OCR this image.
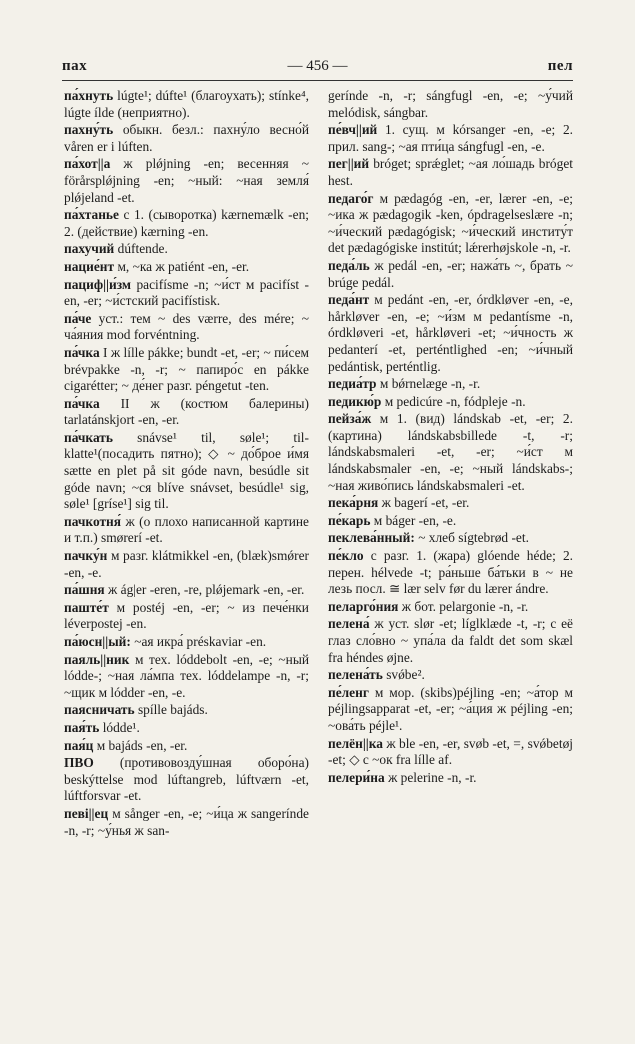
пах	— 456 —	пел
па́хнуть lúgte¹; dúfte¹ (благоухать); stínke⁴, lúgte ílde (неприятно).
пахну́ть обыкн. безл.: пахну́ло весно́й våren er i lúften.
па́хот||а ж plǿjning -en; весенняя ~ förårsplǿjning -en; ~ный: ~ная земля́ plǿjeland -et.
па́хтанье с 1. (сыворотка) kærnemælk -en; 2. (действие) kærning -en.
пахучий dúftende.
нацие́нт м, ~ка ж patiént -en, -er.
пациф||и́зм pacifísme -n; ~и́ст м pacifíst -en, -er; ~и́стский pacifístisk.
па́че уст.: тем ~ des værre, des mére; ~ ча́яния mod forvéntning.
па́чка I ж lílle pákke; bundt -et, -er; ~ пи́сем brévpakke -n, -r; ~ папиро́с en pákke cigarétter; ~ де́нег разг. péngetut -ten.
па́чка II ж (костюм балерины) tarlatánskjort -en, -er.
па́чкать snávse¹ til, søle¹; tilklatte¹(посадить пятно); ◇ ~ до́брое и́мя sætte en plet på sit góde navn, besúdle sit góde navn; ~ся blíve snávset, besúdle¹ sig, søle¹ [gríse¹] sig til.
пачкотня́ ж (о плохо написанной картине и т.п.) smørerí -et.
пачку́н м разг. klátmikkel -en, (blæk)smǿrer -en, -e.
па́шня ж ág|er -eren, -re, plǿjemark -en, -er.
паште́т м postéj -en, -er; ~ из пече́нки léverpostej -en.
па́юсн||ый: ~ая икра́ préskaviar -en.
паяль||ник м тех. lóddebolt -en, -e; ~ный lódde-; ~ная ла́мпа тех. lóddelampe -n, -r; ~щик м lódder -en, -e.
паясничать spílle bajáds.
пая́ть lódde¹.
пая́ц м bajáds -en, -er.
ПВО (противовозду́шная оборо́на) beskýttelse mod lúftangreb, lúftværn -et, lúftforsvar -et.
певі||ец м sånger -en, -e; ~и́ца ж sangerínde -n, -r; ~у́нья ж san-
gerínde -n, -r; sángfugl -en, -e; ~у́чий melódisk, sángbar.
пе́вч||ий 1. сущ. м kórsanger -en, -e; 2. прил. sang-; ~ая пти́ца sángfugl -en, -e.
пег||ий bróget; sprǽglet; ~ая ло́шадь bróget hest.
педаго́г м pædagóg -en, -er, lærer -en, -e; ~ика ж pædagogik -ken, ópdragelseslære -n; ~и́ческий pædagógisk; ~и́ческий институ́т det pædagógiske institút; lǽrerhøjskole -n, -r.
педа́ль ж pedál -en, -er; нажа́ть ~, брать ~ brúge pedál.
педа́нт м pedánt -en, -er, órdkløver -en, -e, hårkløver -en, -e; ~и́зм м pedantísme -n, órdkløveri -et, hårkløveri -et; ~и́чность ж pedanterí -et, perténtlighed -en; ~и́чный pedántisk, perténtlig.
педиа́тр м bǿrnelæge -n, -r.
педикю́р м pedicúre -n, fódpleje -n.
пейза́ж м 1. (вид) lándskab -et, -er; 2. (картина) lándskabsbillede -t, -r; lándskabsmaleri -et, -er; ~и́ст м lándskabsmaler -en, -e; ~ный lándskabs-; ~ная живо́пись lándskabsmaleri -et.
пека́рня ж bagerí -et, -er.
пе́карь м báger -en, -e.
пеклева́нный: ~ хлеб sígtebrød -et.
пе́кло с разг. 1. (жара) glóende héde; 2. перен. hélvede -t; ра́ньше ба́тьки в ~ не лезь посл. ≅ lær selv før du lærer ándre.
пеларго́ния ж бот. pelargonie -n, -r.
пелена́ ж уст. slør -et; líglklæde -t, -r; с её глаз сло́вно ~ упа́ла da faldt det som skæl fra héndes øjne.
пелена́ть svǿbe².
пе́ленг м мор. (skibs)péjling -en; ~а́тор м péjlingsapparat -et, -er; ~а́ция ж péjling -en; ~ова́ть péjle¹.
пелён||ка ж ble -en, -er, svøb -et, =, svǿbetøj -et; ◇ с ~ок fra lílle af.
пелери́на ж pelerine -n, -r.
